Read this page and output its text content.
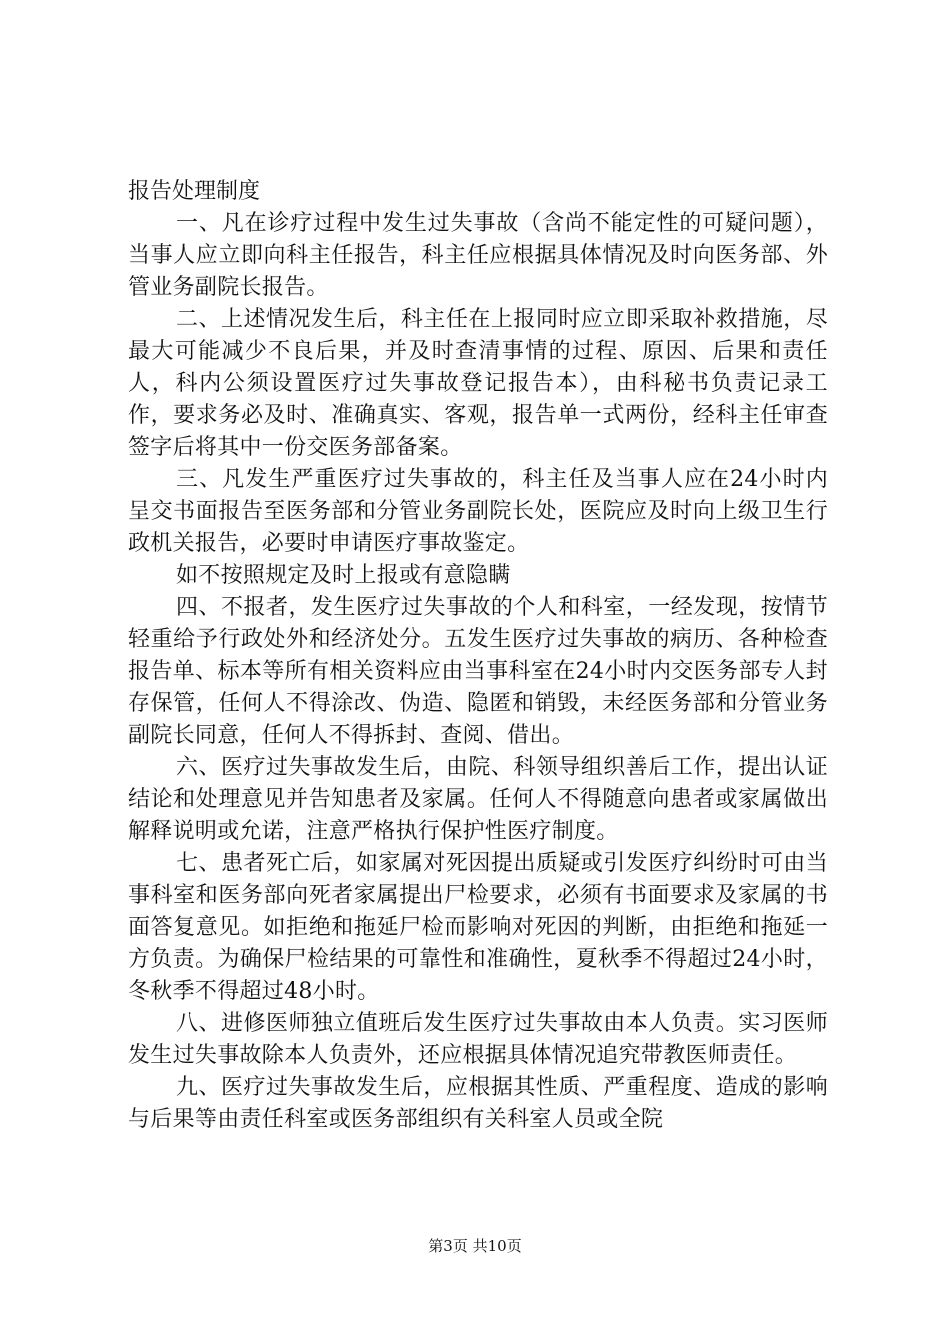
报告处理制度

一、凡在诊疗过程中发生过失事故（含尚不能定性的可疑问题），当事人应立即向科主任报告，科主任应根据具体情况及时向医务部、外管业务副院长报告。

二、上述情况发生后，科主任在上报同时应立即采取补救措施，尽最大可能减少不良后果，并及时查清事情的过程、原因、后果和责任人，科内公须设置医疗过失事故登记报告本），由科秘书负责记录工作，要求务必及时、准确真实、客观，报告单一式两份，经科主任审查签字后将其中一份交医务部备案。

三、凡发生严重医疗过失事故的，科主任及当事人应在24小时内呈交书面报告至医务部和分管业务副院长处，医院应及时向上级卫生行政机关报告，必要时申请医疗事故鉴定。

如不按照规定及时上报或有意隐瞒

四、不报者，发生医疗过失事故的个人和科室，一经发现，按情节轻重给予行政处外和经济处分。五发生医疗过失事故的病历、各种检查报告单、标本等所有相关资料应由当事科室在24小时内交医务部专人封存保管，任何人不得涂改、伪造、隐匿和销毁，未经医务部和分管业务副院长同意，任何人不得拆封、查阅、借出。

六、医疗过失事故发生后，由院、科领导组织善后工作，提出认证结论和处理意见并告知患者及家属。任何人不得随意向患者或家属做出解释说明或允诺，注意严格执行保护性医疗制度。

七、患者死亡后，如家属对死因提出质疑或引发医疗纠纷时可由当事科室和医务部向死者家属提出尸检要求，必须有书面要求及家属的书面答复意见。如拒绝和拖延尸检而影响对死因的判断，由拒绝和拖延一方负责。为确保尸检结果的可靠性和准确性，夏秋季不得超过24小时，冬秋季不得超过48小时。

八、进修医师独立值班后发生医疗过失事故由本人负责。实习医师发生过失事故除本人负责外，还应根据具体情况追究带教医师责任。

九、医疗过失事故发生后，应根据其性质、严重程度、造成的影响与后果等由责任科室或医务部组织有关科室人员或全院

第3页 共10页
